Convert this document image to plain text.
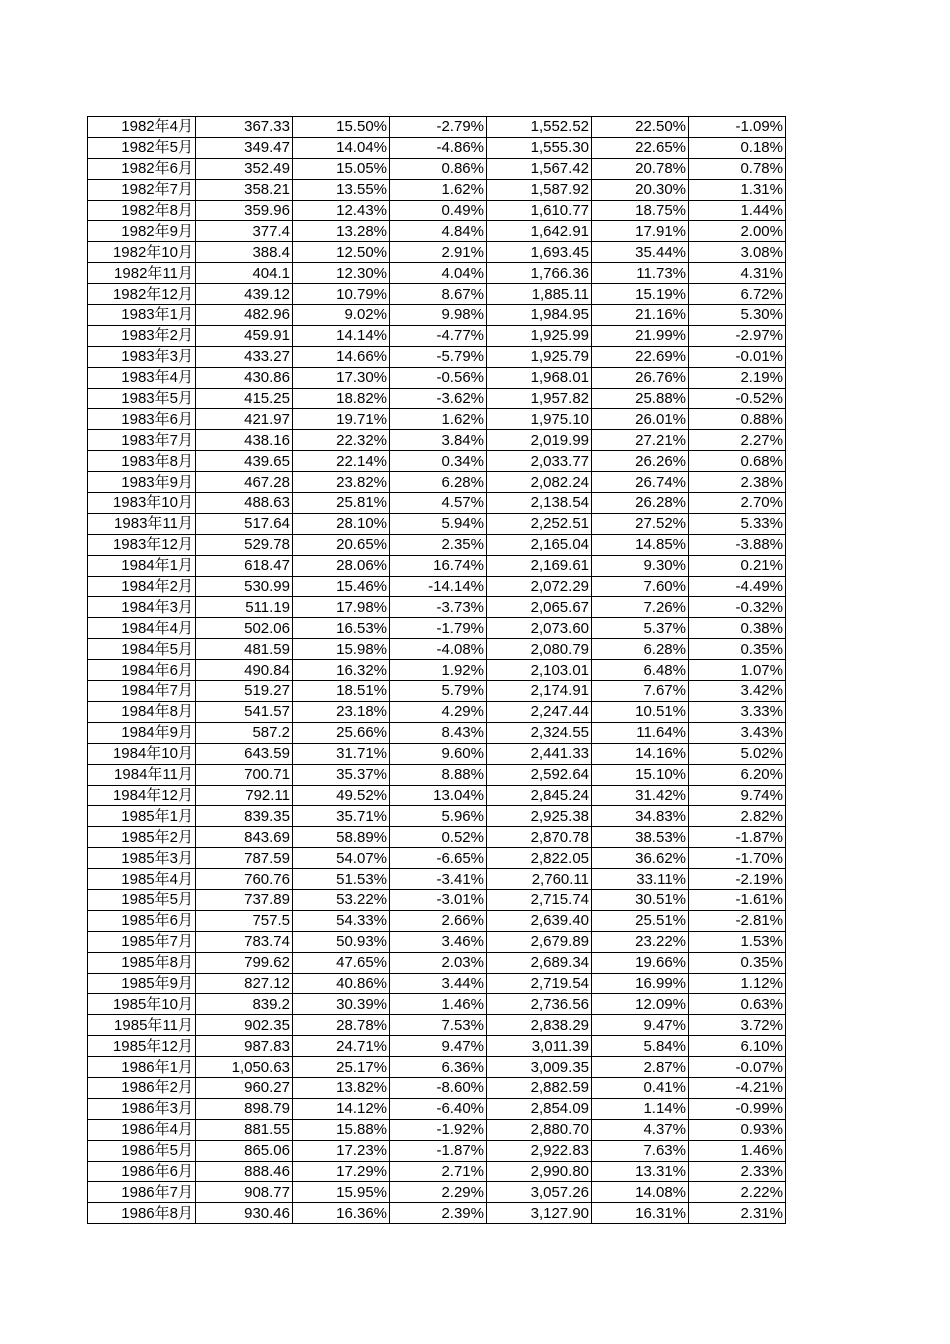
1982年4月	367.33	15.50%	-2.79%	1,552.52	22.50%	-1.09%
1982年5月	349.47	14.04%	-4.86%	1,555.30	22.65%	0.18%
1982年6月	352.49	15.05%	0.86%	1,567.42	20.78%	0.78%
1982年7月	358.21	13.55%	1.62%	1,587.92	20.30%	1.31%
1982年8月	359.96	12.43%	0.49%	1,610.77	18.75%	1.44%
1982年9月	377.4	13.28%	4.84%	1,642.91	17.91%	2.00%
1982年10月	388.4	12.50%	2.91%	1,693.45	35.44%	3.08%
1982年11月	404.1	12.30%	4.04%	1,766.36	11.73%	4.31%
1982年12月	439.12	10.79%	8.67%	1,885.11	15.19%	6.72%
1983年1月	482.96	9.02%	9.98%	1,984.95	21.16%	5.30%
1983年2月	459.91	14.14%	-4.77%	1,925.99	21.99%	-2.97%
1983年3月	433.27	14.66%	-5.79%	1,925.79	22.69%	-0.01%
1983年4月	430.86	17.30%	-0.56%	1,968.01	26.76%	2.19%
1983年5月	415.25	18.82%	-3.62%	1,957.82	25.88%	-0.52%
1983年6月	421.97	19.71%	1.62%	1,975.10	26.01%	0.88%
1983年7月	438.16	22.32%	3.84%	2,019.99	27.21%	2.27%
1983年8月	439.65	22.14%	0.34%	2,033.77	26.26%	0.68%
1983年9月	467.28	23.82%	6.28%	2,082.24	26.74%	2.38%
1983年10月	488.63	25.81%	4.57%	2,138.54	26.28%	2.70%
1983年11月	517.64	28.10%	5.94%	2,252.51	27.52%	5.33%
1983年12月	529.78	20.65%	2.35%	2,165.04	14.85%	-3.88%
1984年1月	618.47	28.06%	16.74%	2,169.61	9.30%	0.21%
1984年2月	530.99	15.46%	-14.14%	2,072.29	7.60%	-4.49%
1984年3月	511.19	17.98%	-3.73%	2,065.67	7.26%	-0.32%
1984年4月	502.06	16.53%	-1.79%	2,073.60	5.37%	0.38%
1984年5月	481.59	15.98%	-4.08%	2,080.79	6.28%	0.35%
1984年6月	490.84	16.32%	1.92%	2,103.01	6.48%	1.07%
1984年7月	519.27	18.51%	5.79%	2,174.91	7.67%	3.42%
1984年8月	541.57	23.18%	4.29%	2,247.44	10.51%	3.33%
1984年9月	587.2	25.66%	8.43%	2,324.55	11.64%	3.43%
1984年10月	643.59	31.71%	9.60%	2,441.33	14.16%	5.02%
1984年11月	700.71	35.37%	8.88%	2,592.64	15.10%	6.20%
1984年12月	792.11	49.52%	13.04%	2,845.24	31.42%	9.74%
1985年1月	839.35	35.71%	5.96%	2,925.38	34.83%	2.82%
1985年2月	843.69	58.89%	0.52%	2,870.78	38.53%	-1.87%
1985年3月	787.59	54.07%	-6.65%	2,822.05	36.62%	-1.70%
1985年4月	760.76	51.53%	-3.41%	2,760.11	33.11%	-2.19%
1985年5月	737.89	53.22%	-3.01%	2,715.74	30.51%	-1.61%
1985年6月	757.5	54.33%	2.66%	2,639.40	25.51%	-2.81%
1985年7月	783.74	50.93%	3.46%	2,679.89	23.22%	1.53%
1985年8月	799.62	47.65%	2.03%	2,689.34	19.66%	0.35%
1985年9月	827.12	40.86%	3.44%	2,719.54	16.99%	1.12%
1985年10月	839.2	30.39%	1.46%	2,736.56	12.09%	0.63%
1985年11月	902.35	28.78%	7.53%	2,838.29	9.47%	3.72%
1985年12月	987.83	24.71%	9.47%	3,011.39	5.84%	6.10%
1986年1月	1,050.63	25.17%	6.36%	3,009.35	2.87%	-0.07%
1986年2月	960.27	13.82%	-8.60%	2,882.59	0.41%	-4.21%
1986年3月	898.79	14.12%	-6.40%	2,854.09	1.14%	-0.99%
1986年4月	881.55	15.88%	-1.92%	2,880.70	4.37%	0.93%
1986年5月	865.06	17.23%	-1.87%	2,922.83	7.63%	1.46%
1986年6月	888.46	17.29%	2.71%	2,990.80	13.31%	2.33%
1986年7月	908.77	15.95%	2.29%	3,057.26	14.08%	2.22%
1986年8月	930.46	16.36%	2.39%	3,127.90	16.31%	2.31%
